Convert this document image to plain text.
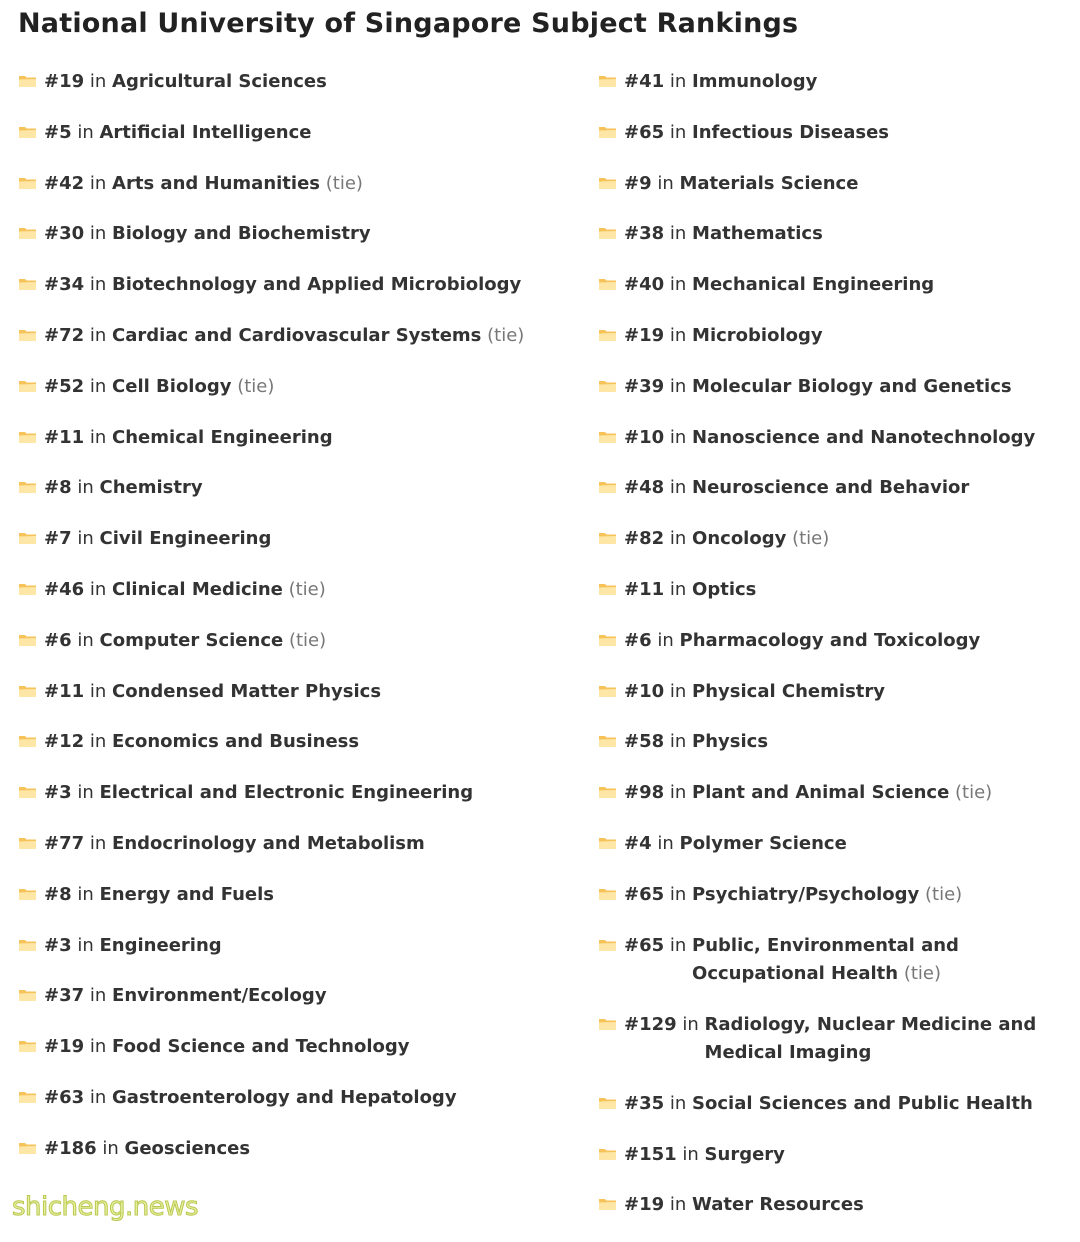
National University of Singapore Subject Rankings
#19 in Agricultural Sciences
#5 in Artificial Intelligence
#42 in Arts and Humanities (tie)
#30 in Biology and Biochemistry
#34 in Biotechnology and Applied Microbiology
#72 in Cardiac and Cardiovascular Systems (tie)
#52 in Cell Biology (tie)
#11 in Chemical Engineering
#8 in Chemistry
#7 in Civil Engineering
#46 in Clinical Medicine (tie)
#6 in Computer Science (tie)
#11 in Condensed Matter Physics
#12 in Economics and Business
#3 in Electrical and Electronic Engineering
#77 in Endocrinology and Metabolism
#8 in Energy and Fuels
#3 in Engineering
#37 in Environment/Ecology
#19 in Food Science and Technology
#63 in Gastroenterology and Hepatology
#186 in Geosciences
#41 in Immunology
#65 in Infectious Diseases
#9 in Materials Science
#38 in Mathematics
#40 in Mechanical Engineering
#19 in Microbiology
#39 in Molecular Biology and Genetics
#10 in Nanoscience and Nanotechnology
#48 in Neuroscience and Behavior
#82 in Oncology (tie)
#11 in Optics
#6 in Pharmacology and Toxicology
#10 in Physical Chemistry
#58 in Physics
#98 in Plant and Animal Science (tie)
#4 in Polymer Science
#65 in Psychiatry/Psychology (tie)
#65 in Public, Environmental and Occupational Health (tie)
#129 in Radiology, Nuclear Medicine and Medical Imaging
#35 in Social Sciences and Public Health
#151 in Surgery
#19 in Water Resources
shicheng.news
